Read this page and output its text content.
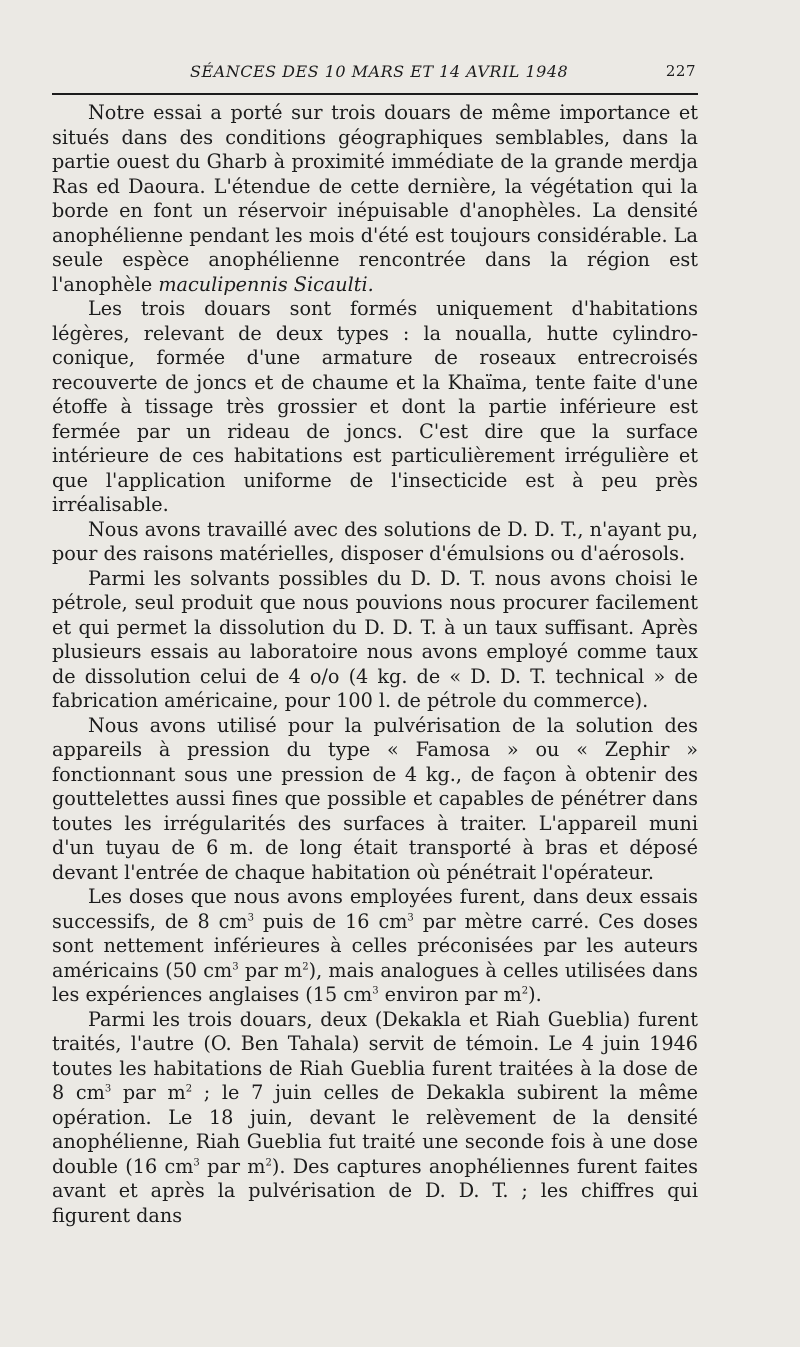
SÉANCES DES 10 MARS ET 14 AVRIL 1948	227

Notre essai a porté sur trois douars de même importance et situés dans des conditions géographiques semblables, dans la partie ouest du Gharb à proximité immédiate de la grande merdja Ras ed Daoura. L'étendue de cette dernière, la végétation qui la borde en font un réservoir inépuisable d'anophèles. La densité anophélienne pendant les mois d'été est toujours considérable. La seule espèce anophélienne rencontrée dans la région est l'anophèle maculipennis Sicaulti.

Les trois douars sont formés uniquement d'habitations légères, relevant de deux types : la noualla, hutte cylindro-conique, formée d'une armature de roseaux entrecroisés recouverte de joncs et de chaume et la Khaïma, tente faite d'une étoffe à tissage très grossier et dont la partie inférieure est fermée par un rideau de joncs. C'est dire que la surface intérieure de ces habitations est particulièrement irrégulière et que l'application uniforme de l'insecticide est à peu près irréalisable.

Nous avons travaillé avec des solutions de D. D. T., n'ayant pu, pour des raisons matérielles, disposer d'émulsions ou d'aérosols.

Parmi les solvants possibles du D. D. T. nous avons choisi le pétrole, seul produit que nous pouvions nous procurer facilement et qui permet la dissolution du D. D. T. à un taux suffisant. Après plusieurs essais au laboratoire nous avons employé comme taux de dissolution celui de 4 o/o (4 kg. de « D. D. T. technical » de fabrication américaine, pour 100 l. de pétrole du commerce).

Nous avons utilisé pour la pulvérisation de la solution des appareils à pression du type « Famosa » ou « Zephir » fonctionnant sous une pression de 4 kg., de façon à obtenir des gouttelettes aussi fines que possible et capables de pénétrer dans toutes les irrégularités des surfaces à traiter. L'appareil muni d'un tuyau de 6 m. de long était transporté à bras et déposé devant l'entrée de chaque habitation où pénétrait l'opérateur.

Les doses que nous avons employées furent, dans deux essais successifs, de 8 $cm^3$ puis de 16 $cm^3$ par mètre carré. Ces doses sont nettement inférieures à celles préconisées par les auteurs américains (50 $cm^3$ par $m^2$), mais analogues à celles utilisées dans les expériences anglaises (15 $cm^3$ environ par $m^2$).

Parmi les trois douars, deux (Dekakla et Riah Gueblia) furent traités, l'autre (O. Ben Tahala) servit de témoin. Le 4 juin 1946 toutes les habitations de Riah Gueblia furent traitées à la dose de 8 $cm^3$ par $m^2$ ; le 7 juin celles de Dekakla subirent la même opération. Le 18 juin, devant le relèvement de la densité anophélienne, Riah Gueblia fut traité une seconde fois à une dose double (16 $cm^3$ par $m^2$). Des captures anophéliennes furent faites avant et après la pulvérisation de D. D. T. ; les chiffres qui figurent dans
